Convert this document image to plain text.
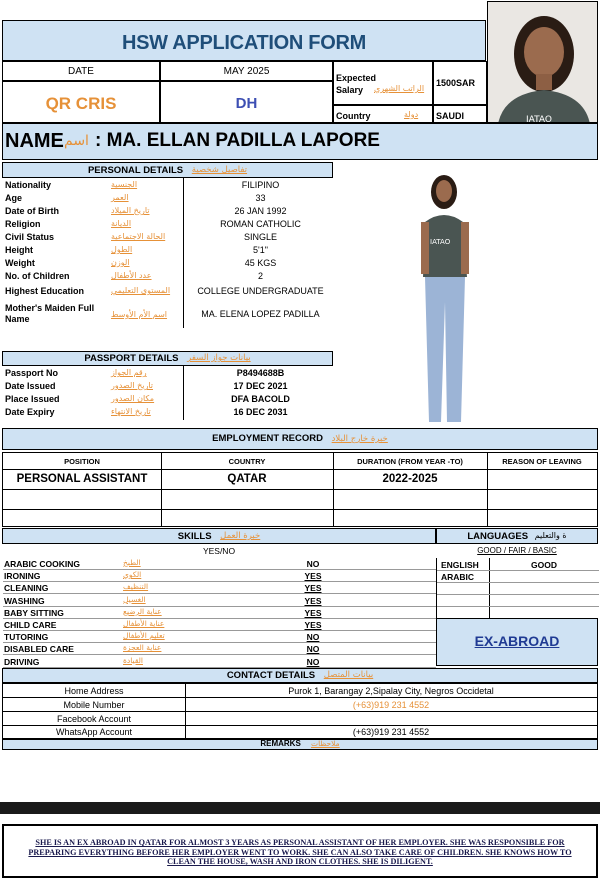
HSW APPLICATION FORM
IATAO
DATE	MAY 2025
QR CRIS	DH
Expected Salary	الراتب الشهري
1500SAR
Country	دولة SAUDI
NAME اسم : MA. ELLAN PADILLA LAPORE
PERSONAL DETAILS تفاصيل شخصية
Nationality	الجنسية	FILIPINO
Age	العمر	33
Date of Birth	تاريخ الميلاد	26 JAN 1992
Religion	الديانة	ROMAN CATHOLIC
Civil Status	الحالة الاجتماعية	SINGLE
Height	الطول	5'1"
Weight	الوزن	45 KGS
No. of Children	عدد الأطفال	2
Highest Education	المستوى التعليمي	COLLEGE UNDERGRADUATE
Mother's Maiden Full Name	اسم الأم الأوسط	MA. ELENA LOPEZ PADILLA
IATAO
PASSPORT DETAILS بيانات جواز السفر
Passport No	رقم الجواز	P8494688B
Date Issued	تاريخ الصدور	17 DEC 2021
Place Issued	مكان الصدور	DFA BACOLD
Date Expiry	تاريخ الانتهاء	16 DEC 2031
EMPLOYMENT RECORD خبرة خارج البلاد
POSITION	COUNTRY	DURATION (FROM YEAR -TO)	REASON OF LEAVING
PERSONAL ASSISTANT	QATAR	2022-2025
SKILLS خبرة العمل
YES/NO
ARABIC COOKING	الطبخ	NO
IRONING	الكوي	YES
CLEANING	التنظيف	YES
WASHING	الغسيل	YES
BABY SITTING	عناية الرضيع	YES
CHILD CARE	عناية الأطفال	YES
TUTORING	تعليم الأطفال	NO
DISABLED CARE	عناية العجزة	NO
DRIVING	القيادة	NO
LANGUAGES ة والتعليم
GOOD / FAIR / BASIC
ENGLISH	GOOD
ARABIC
EX-ABROAD
CONTACT DETAILS بيانات المتصل
Home Address	Purok 1, Barangay 2,Sipalay City, Negros Occidetal
Mobile Number	(+63)919 231 4552
Facebook Account
WhatsApp Account	(+63)919 231 4552
REMARKS ملاحظات
SHE IS AN EX ABROAD IN QATAR FOR ALMOST 3 YEARS AS PERSONAL ASSISTANT OF HER EMPLOYER. SHE WAS RESPONSIBLE FOR PREPARING EVERYTHING BEFORE HER EMPLOYER WENT TO WORK. SHE CAN ALSO TAKE CARE OF CHILDREN. SHE KNOWS HOW TO CLEAN THE HOUSE, WASH AND IRON CLOTHES. SHE IS DILIGENT.
